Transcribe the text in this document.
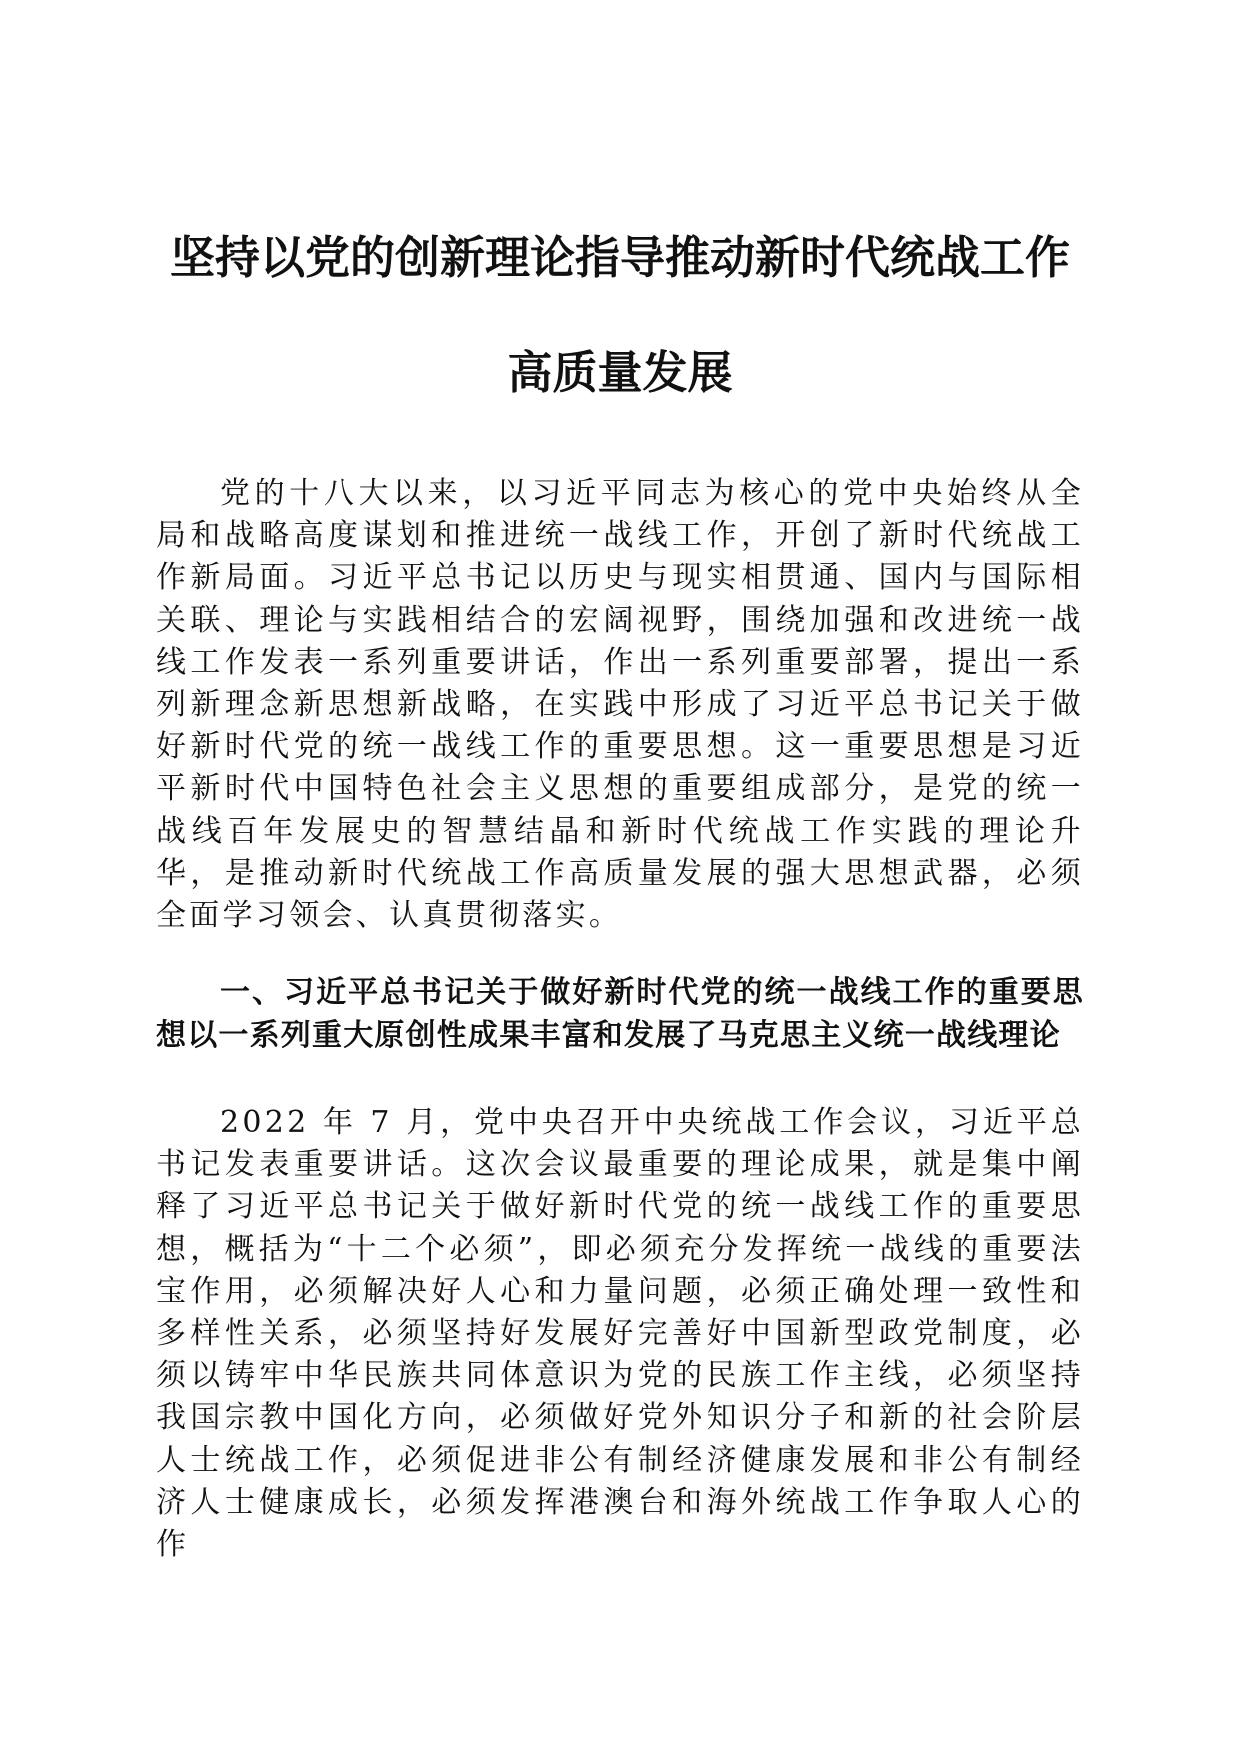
坚持以党的创新理论指导推动新时代统战工作
高质量发展
党的十八大以来，以习近平同志为核心的党中央始终从全局和战略高度谋划和推进统一战线工作，开创了新时代统战工作新局面。习近平总书记以历史与现实相贯通、国内与国际相关联、理论与实践相结合的宏阔视野，围绕加强和改进统一战线工作发表一系列重要讲话，作出一系列重要部署，提出一系列新理念新思想新战略，在实践中形成了习近平总书记关于做好新时代党的统一战线工作的重要思想。这一重要思想是习近平新时代中国特色社会主义思想的重要组成部分，是党的统一战线百年发展史的智慧结晶和新时代统战工作实践的理论升华，是推动新时代统战工作高质量发展的强大思想武器，必须全面学习领会、认真贯彻落实。
一、习近平总书记关于做好新时代党的统一战线工作的重要思想以一系列重大原创性成果丰富和发展了马克思主义统一战线理论
2022 年 7 月，党中央召开中央统战工作会议，习近平总书记发表重要讲话。这次会议最重要的理论成果，就是集中阐释了习近平总书记关于做好新时代党的统一战线工作的重要思想，概括为“十二个必须”，即必须充分发挥统一战线的重要法宝作用，必须解决好人心和力量问题，必须正确处理一致性和多样性关系，必须坚持好发展好完善好中国新型政党制度，必须以铸牢中华民族共同体意识为党的民族工作主线，必须坚持我国宗教中国化方向，必须做好党外知识分子和新的社会阶层人士统战工作，必须促进非公有制经济健康发展和非公有制经济人士健康成长，必须发挥港澳台和海外统战工作争取人心的作
